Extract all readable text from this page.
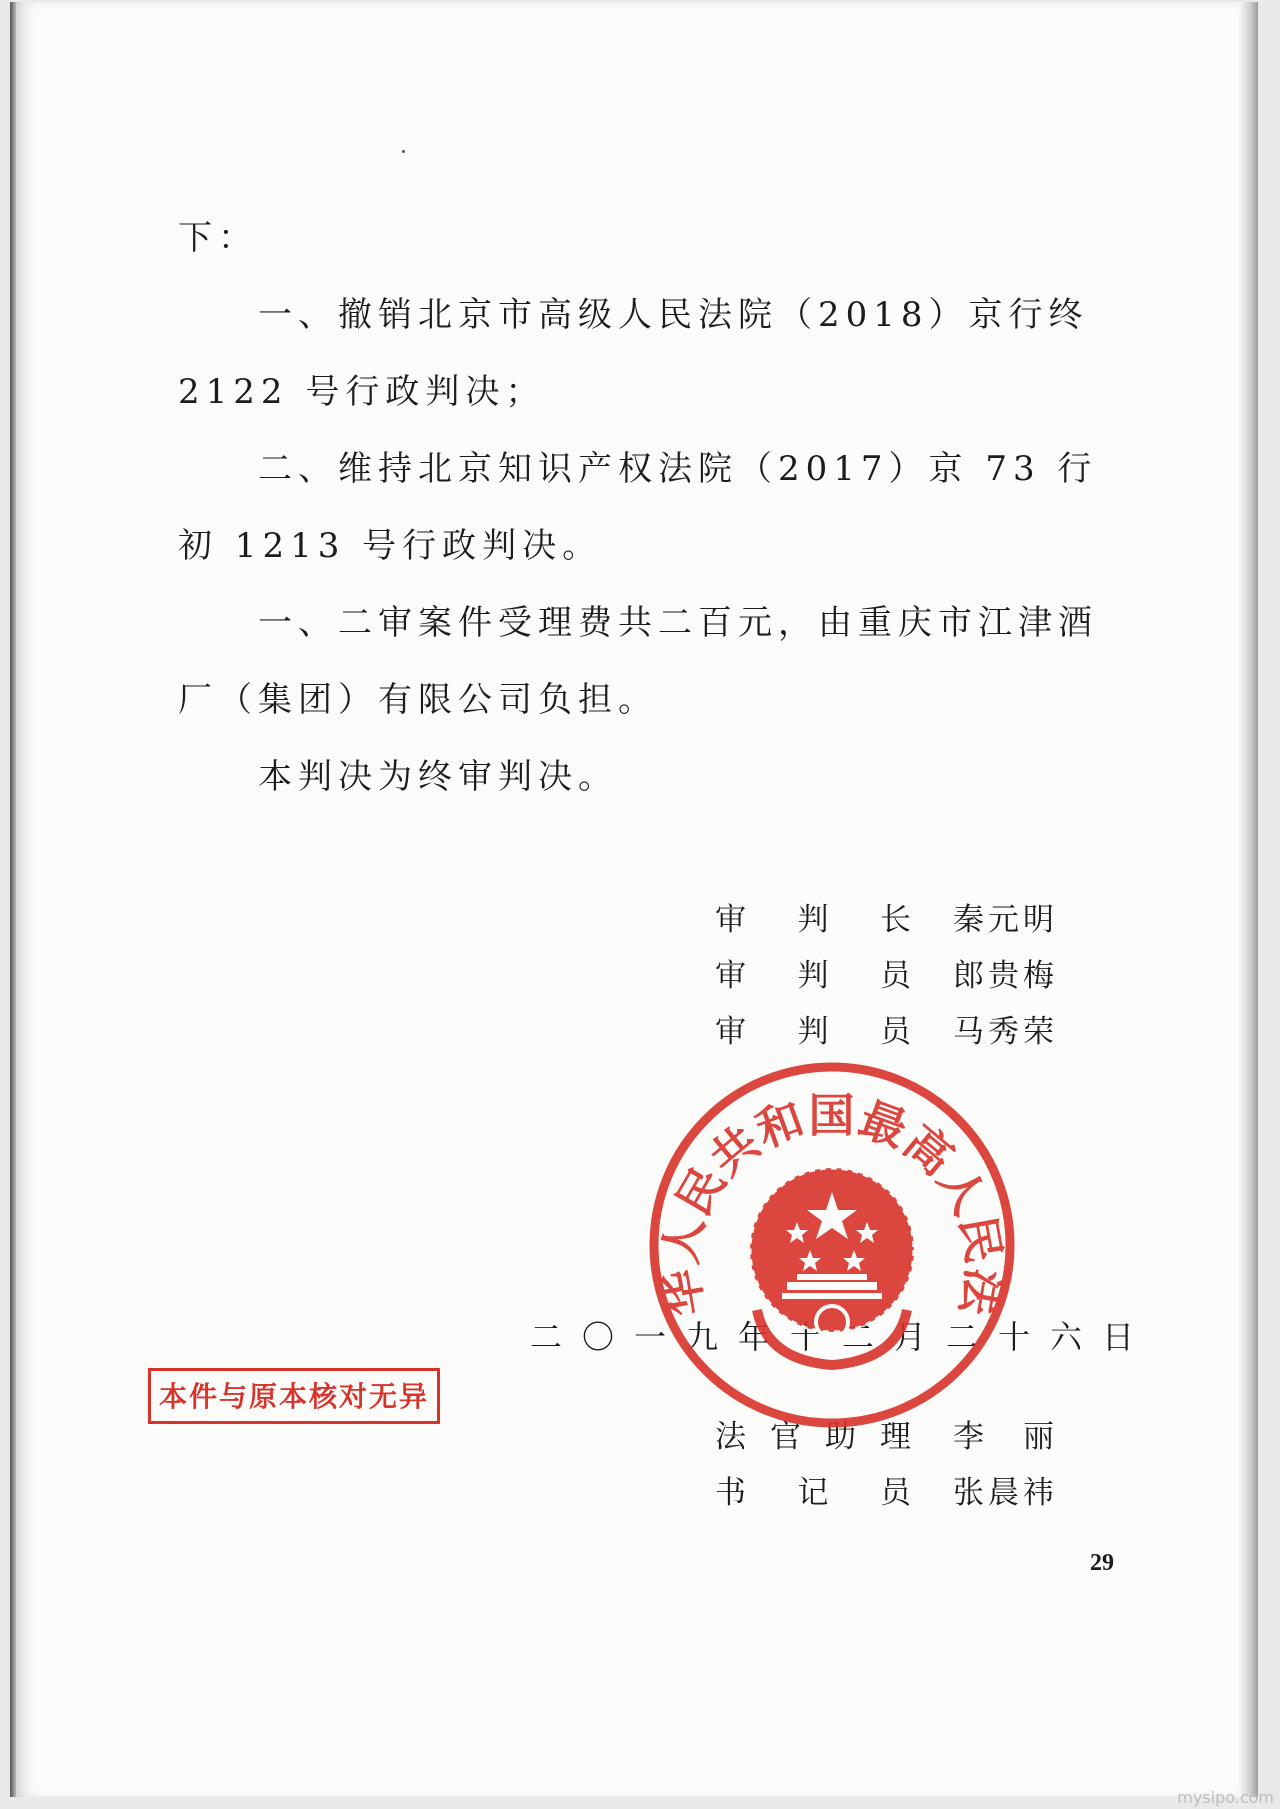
下：

一、撤销北京市高级人民法院（2018）京行终 2122 号行政判决；

二、维持北京知识产权法院（2017）京 73 行初 1213 号行政判决。

一、二审案件受理费共二百元，由重庆市江津酒厂（集团）有限公司负担。

本判决为终审判决。

审 判 长 秦元明
审 判 员 郎贵梅
审 判 员 马秀荣
二〇一九年十二月二十六日
法 官 助 理 李　丽
书 记 员 张晨祎
华人民共和国最高人民法
本件与原本核对无异
29
mysipo.com
